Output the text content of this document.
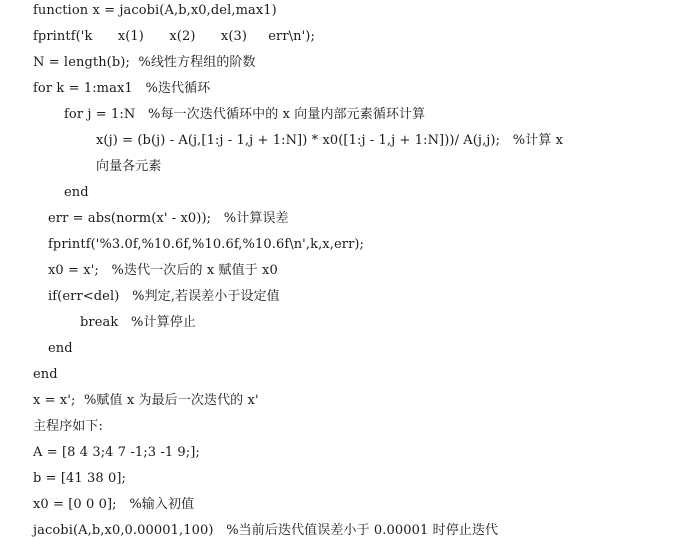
function x = jacobi(A,b,x0,del,max1)
fprintf('k      x(1)      x(2)      x(3)     err\n');
N = length(b);  %线性方程组的阶数
for k = 1:max1   %迭代循环
for j = 1:N   %每一次迭代循环中的 x 向量内部元素循环计算
x(j) = (b(j) - A(j,[1:j - 1,j + 1:N]) * x0([1:j - 1,j + 1:N]))/ A(j,j);   %计算 x
向量各元素
end
err = abs(norm(x' - x0));   %计算误差
fprintf('%3.0f,%10.6f,%10.6f,%10.6f\n',k,x,err);
x0 = x';   %迭代一次后的 x 赋值于 x0
if(err<del)   %判定,若误差小于设定值
break   %计算停止
end
end
x = x';  %赋值 x 为最后一次迭代的 x'
主程序如下:
A = [8 4 3;4 7 -1;3 -1 9;];
b = [41 38 0];
x0 = [0 0 0];   %输入初值
jacobi(A,b,x0,0.00001,100)   %当前后迭代值误差小于 0.00001 时停止迭代
